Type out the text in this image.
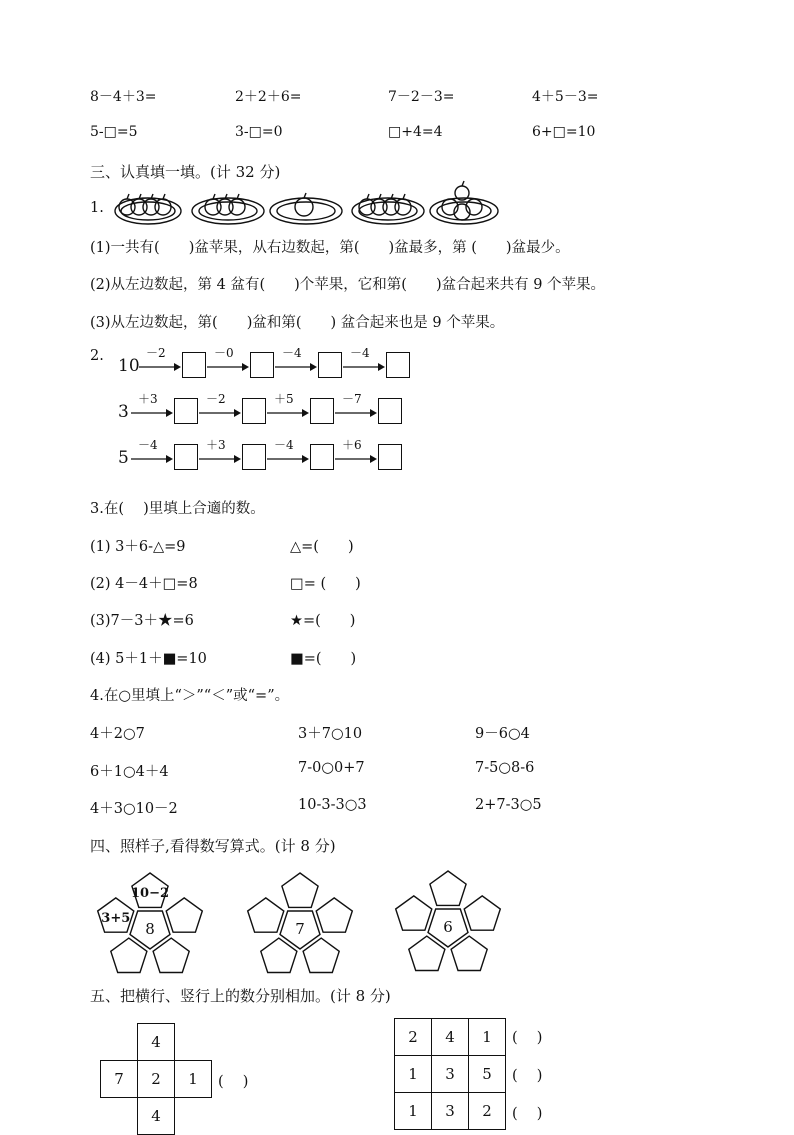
8－4＋3=	2＋2＋6=	7－2－3=	4＋5－3=
5-□=5	3-□=0	□+4=4	6+□=10
三、认真填一填。(计 32 分)
1.
(1)一共有(　　)盆苹果，从右边数起，第(　　)盆最多，第 (　　)盆最少。
(2)从左边数起，第 4 盆有(　　)个苹果，它和第(　　)盆合起来共有 9 个苹果。
(3)从左边数起，第(　　)盆和第(　　) 盆合起来也是 9 个苹果。
2. 10
－2	－0	－4	－4
3
＋3	－2	＋5	－7
5
－4	＋3	－4	＋6
3.在(　 )里填上合適的数。
(1) 3＋6-△=9	△=(　　)
(2) 4－4＋□=8	□= (　　)
(3)7－3＋★=6	★=(　　)
(4) 5＋1＋■=10	■=(　　)
4.在○里填上“＞”“＜”或“=”。
4＋2○7	3＋7○10	9－6○4
6＋1○4＋4	7-0○0+7	7-5○8-6
4＋3○10－2	10-3-3○3	2+7-3○5
四、照样子,看得数写算式。(计 8 分)
8
10−2
3+5
7	6
五、把横行、竖行上的数分别相加。(计 8 分)
4
7	2	1
4
(　 )
2	4	1
1	3	5
1	3	2
(　 )
(　 )
(　 )
